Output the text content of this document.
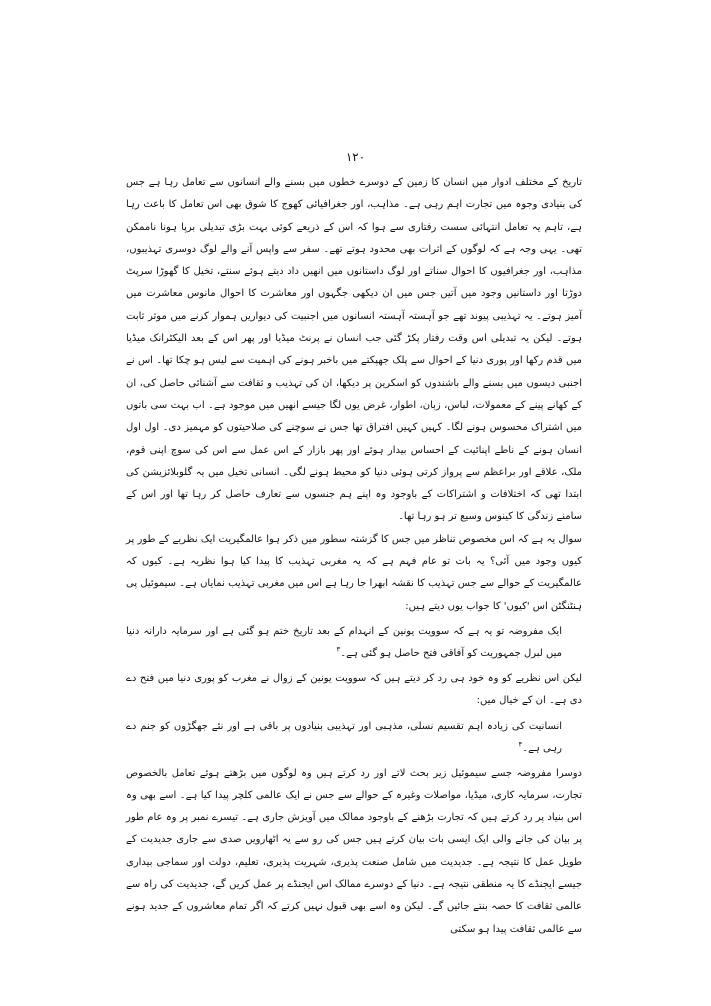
۱۲۰

تاریخ کے مختلف ادوار میں انسان کا زمین کے دوسرے خطوں میں بسنے والے انسانوں سے تعامل رہا ہے جس کی بنیادی وجوہ میں تجارت اہم رہی ہے۔ مذاہب، اور جغرافیائی کھوج کا شوق بھی اس تعامل کا باعث رہا ہے، تاہم یہ تعامل انتہائی سست رفتاری سے ہوا کہ اس کے ذریعے کوئی بہت بڑی تبدیلی برپا ہونا ناممکن تھی۔ یہی وجہ ہے کہ لوگوں کے اثرات بھی محدود ہوتے تھے۔ سفر سے واپس آنے والے لوگ دوسری تہذیبوں، مذاہب، اور جغرافیوں کا احوال سناتے اور لوگ داستانوں میں انھیں داد دیتے ہوئے سنتے، تخیل کا گھوڑا سرپٹ دوڑتا اور داستانیں وجود میں آتیں جس میں ان دیکھی جگہوں اور معاشرت کا احوال مانوس معاشرت میں آمیز ہوتے۔ یہ تہذیبی پیوند تھے جو آہستہ آہستہ انسانوں میں اجنبیت کی دیواریں ہموار کرنے میں موثر ثابت ہوتے۔ لیکن یہ تبدیلی اس وقت رفتار پکڑ گئی جب انسان نے پرنٹ میڈیا اور پھر اس کے بعد الیکٹرانک میڈیا میں قدم رکھا اور پوری دنیا کے احوال سے پلک جھپکتے میں باخبر ہونے کی اہمیت سے لیس ہو چکا تھا۔ اس نے اجنبی دیسوں میں بسنے والے باشندوں کو اسکرین پر دیکھا، ان کی تہذیب و ثقافت سے آشنائی حاصل کی، ان کے کھانے پینے کے معمولات، لباس، زبان، اطوار، غرض یوں لگا جیسے انھیں میں موجود ہے۔ اب بہت سی باتوں میں اشتراک محسوس ہونے لگا۔ کہیں کہیں افتراق تھا جس نے سوچنے کی صلاحیتوں کو مہمیز دی۔ اول اول انسان ہونے کے ناطے اپنائیت کے احساس بیدار ہوئے اور پھر بازار کے اس عمل سے اس کی سوچ اپنی قوم، ملک، علاقے اور براعظم سے پرواز کرتی ہوئی دنیا کو محیط ہونے لگی۔ انسانی تخیل میں یہ گلوبلائزیشن کی ابتدا تھی کہ اختلافات و اشتراکات کے باوجود وہ اپنے ہم جنسوں سے تعارف حاصل کر رہا تھا اور اس کے سامنے زندگی کا کینوس وسیع تر ہو رہا تھا۔

سوال یہ ہے کہ اس مخصوص تناظر میں جس کا گزشتہ سطور میں ذکر ہوا عالمگیریت ایک نظریے کے طور پر کیوں وجود میں آئی؟ یہ بات تو عام فہم ہے کہ یہ مغربی تہذیب کا پیدا کیا ہوا نظریہ ہے۔ کیوں کہ عالمگیریت کے حوالے سے جس تہذیب کا نقشہ ابھرا جا رہا ہے اس میں مغربی تہذیب نمایاں ہے۔ سیموئیل پی ہنٹنگٹن اس 'کیوں' کا جواب یوں دیتے ہیں:

ایک مفروضہ تو یہ ہے کہ سوویت یونین کے انہدام کے بعد تاریخ ختم ہو گئی ہے اور سرمایہ دارانہ دنیا میں لبرل جمہوریت کو آفاقی فتح حاصل ہو گئی ہے۔$^۳$

لیکن اس نظریے کو وہ خود ہی رد کر دیتے ہیں کہ سوویت یونین کے زوال نے مغرب کو پوری دنیا میں فتح دے دی ہے۔ ان کے خیال میں:

انسانیت کی زیادہ اہم تقسیم نسلی، مذہبی اور تہذیبی بنیادوں پر باقی ہے اور نئے جھگڑوں کو جنم دے رہی ہے۔$^۴$

دوسرا مفروضہ جسے سیموئیل زیر بحث لاتے اور رد کرتے ہیں وہ لوگوں میں بڑھتے ہوئے تعامل بالخصوص تجارت، سرمایہ کاری، میڈیا، مواصلات وغیرہ کے حوالے سے جس نے ایک عالمی کلچر پیدا کیا ہے۔ اسے بھی وہ اس بنیاد پر رد کرتے ہیں کہ تجارت بڑھنے کے باوجود ممالک میں آویزش جاری ہے۔ تیسرے نمبر پر وہ عام طور پر بیان کی جانے والی ایک ایسی بات بیان کرتے ہیں جس کی رو سے یہ اٹھارویں صدی سے جاری جدیدیت کے طویل عمل کا نتیجہ ہے۔ جدیدیت میں شامل صنعت پذیری، شہریت پذیری، تعلیم، دولت اور سماجی بیداری جیسے ایجنڈے کا یہ منطقی نتیجہ ہے۔ دنیا کے دوسرے ممالک اس ایجنڈے پر عمل کریں گے، جدیدیت کی راہ سے عالمی ثقافت کا حصہ بنتے جائیں گے۔ لیکن وہ اسے بھی قبول نہیں کرتے کہ اگر تمام معاشروں کے جدید ہونے سے عالمی ثقافت پیدا ہو سکتی
